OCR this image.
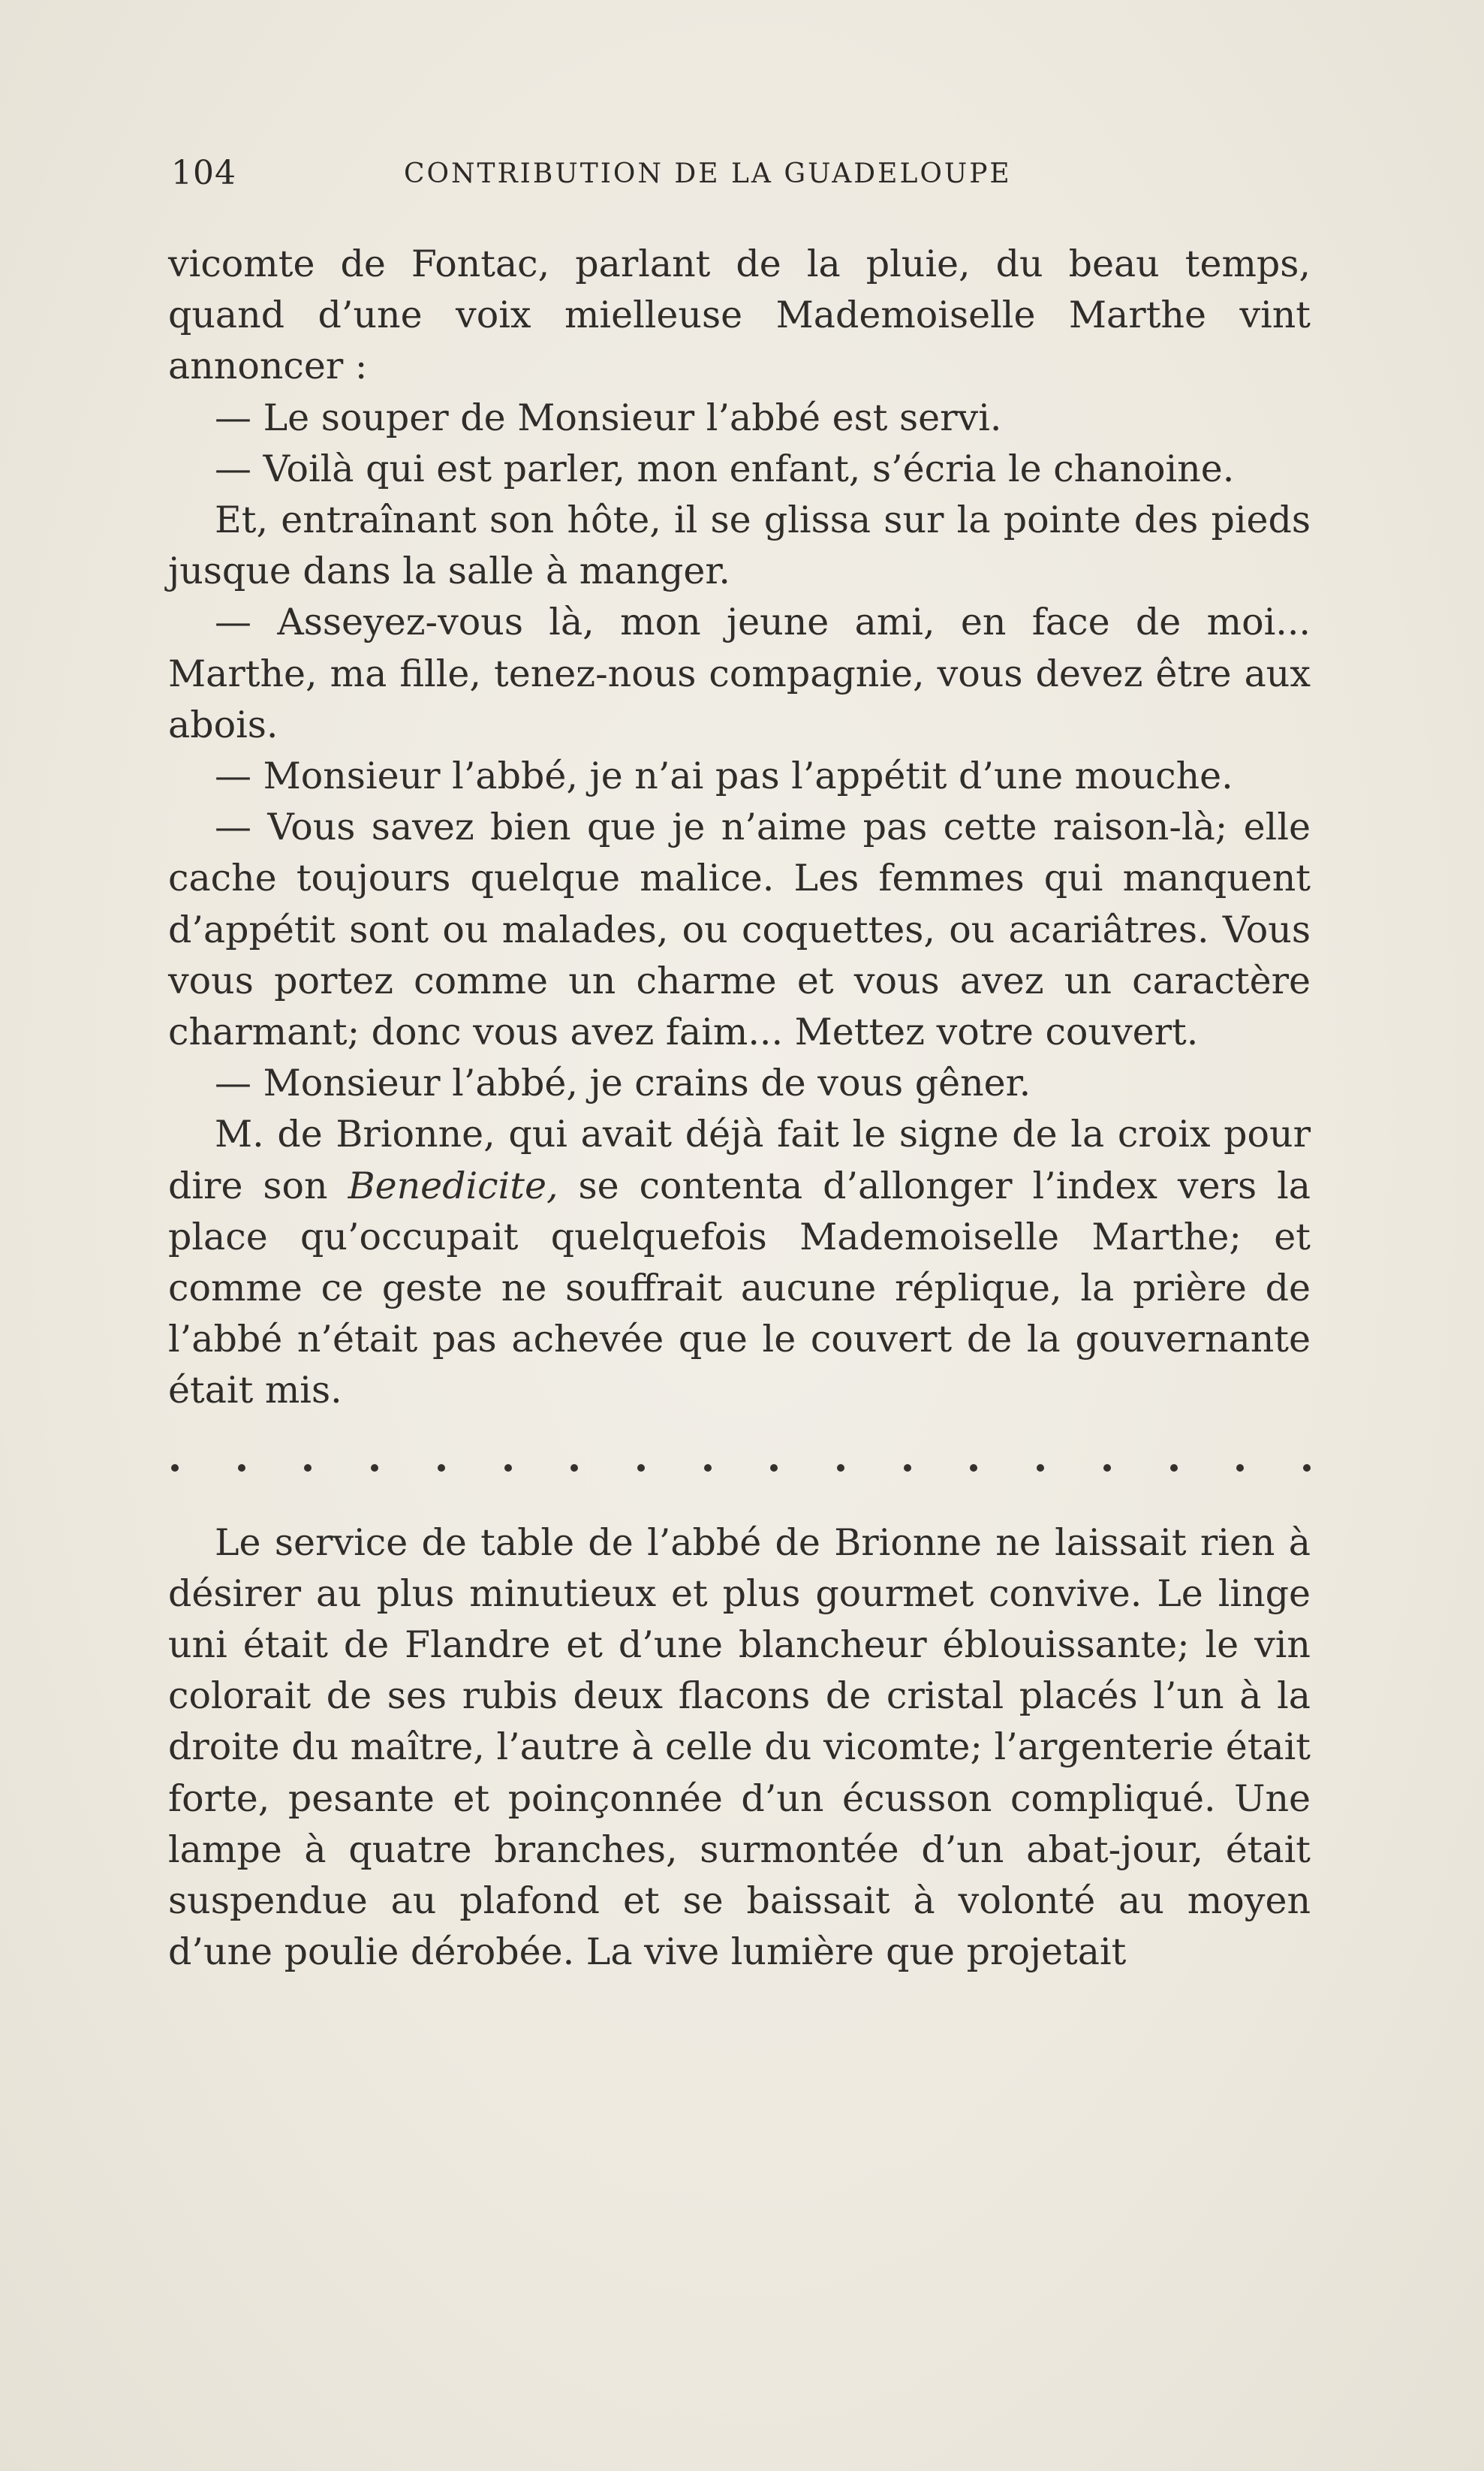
104	CONTRIBUTION DE LA GUADELOUPE

vicomte de Fontac, parlant de la pluie, du beau temps, quand d’une voix mielleuse Mademoiselle Marthe vint annoncer :

— Le souper de Monsieur l’abbé est servi.

— Voilà qui est parler, mon enfant, s’écria le chanoine.

Et, entraînant son hôte, il se glissa sur la pointe des pieds jusque dans la salle à manger.

— Asseyez-vous là, mon jeune ami, en face de moi... Marthe, ma fille, tenez-nous compagnie, vous devez être aux abois.

— Monsieur l’abbé, je n’ai pas l’appétit d’une mouche.

— Vous savez bien que je n’aime pas cette raison-là; elle cache toujours quelque malice. Les femmes qui manquent d’appétit sont ou malades, ou coquettes, ou acariâtres. Vous vous portez comme un charme et vous avez un caractère charmant; donc vous avez faim... Mettez votre couvert.

— Monsieur l’abbé, je crains de vous gêner.

M. de Brionne, qui avait déjà fait le signe de la croix pour dire son Benedicite, se contenta d’allonger l’index vers la place qu’occupait quelquefois Mademoiselle Marthe; et comme ce geste ne souffrait aucune réplique, la prière de l’abbé n’était pas achevée que le couvert de la gouvernante était mis.

Le service de table de l’abbé de Brionne ne laissait rien à désirer au plus minutieux et plus gourmet convive. Le linge uni était de Flandre et d’une blancheur éblouissante; le vin colorait de ses rubis deux flacons de cristal placés l’un à la droite du maître, l’autre à celle du vicomte; l’argenterie était forte, pesante et poinçonnée d’un écusson compliqué. Une lampe à quatre branches, surmontée d’un abat-jour, était suspendue au plafond et se baissait à volonté au moyen d’une poulie dérobée. La vive lumière que projetait
